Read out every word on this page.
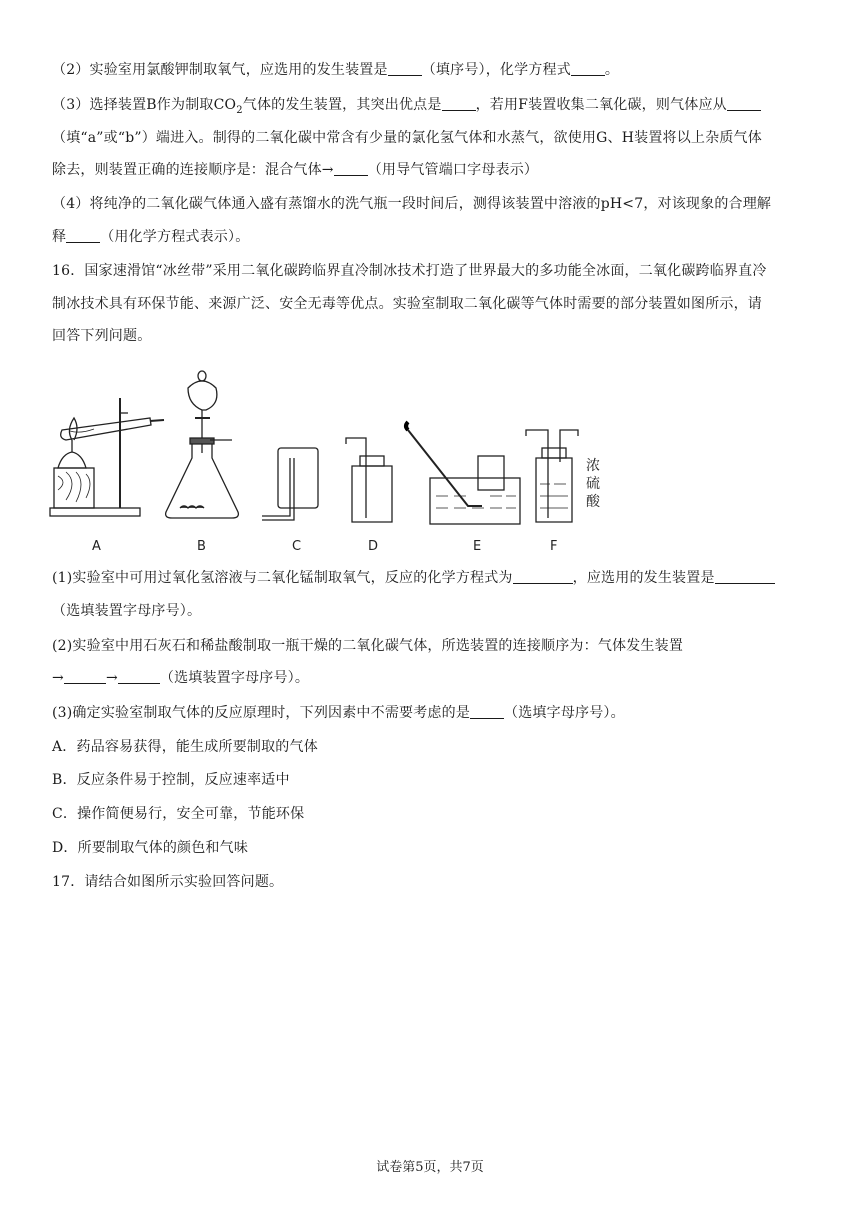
（2）实验室用氯酸钾制取氧气，应选用的发生装置是 （填序号），化学方程式 。
（3）选择装置B作为制取$CO_2$气体的发生装置，其突出优点是 ，若用F装置收集二氧化碳，则气体应从
（填“a”或“b”）端进入。制得的二氧化碳中常含有少量的氯化氢气体和水蒸气，欲使用G、H装置将以上杂质气体
除去，则装置正确的连接顺序是：混合气体→ （用导气管端口字母表示）
（4）将纯净的二氧化碳气体通入盛有蒸馏水的洗气瓶一段时间后，测得该装置中溶液的pH<7，对该现象的合理解
释 （用化学方程式表示）。
16．国家速滑馆“冰丝带”采用二氧化碳跨临界直冷制冰技术打造了世界最大的多功能全冰面，二氧化碳跨临界直冷
制冰技术具有环保节能、来源广泛、安全无毒等优点。实验室制取二氧化碳等气体时需要的部分装置如图所示，请
回答下列问题。
A	B	C	D	E
浓
硫
酸
F
(1)实验室中可用过氧化氢溶液与二氧化锰制取氧气，反应的化学方程式为	，应选用的发生装置是
（选填装置字母序号）。
(2)实验室中用石灰石和稀盐酸制取一瓶干燥的二氧化碳气体，所选装置的连接顺序为：气体发生装置
→	→	（选填装置字母序号）。
(3)确定实验室制取气体的反应原理时，下列因素中不需要考虑的是 （选填字母序号）。
A．药品容易获得，能生成所要制取的气体
B．反应条件易于控制，反应速率适中
C．操作简便易行，安全可靠，节能环保
D．所要制取气体的颜色和气味
17．请结合如图所示实验回答问题。
试卷第5页，共7页
